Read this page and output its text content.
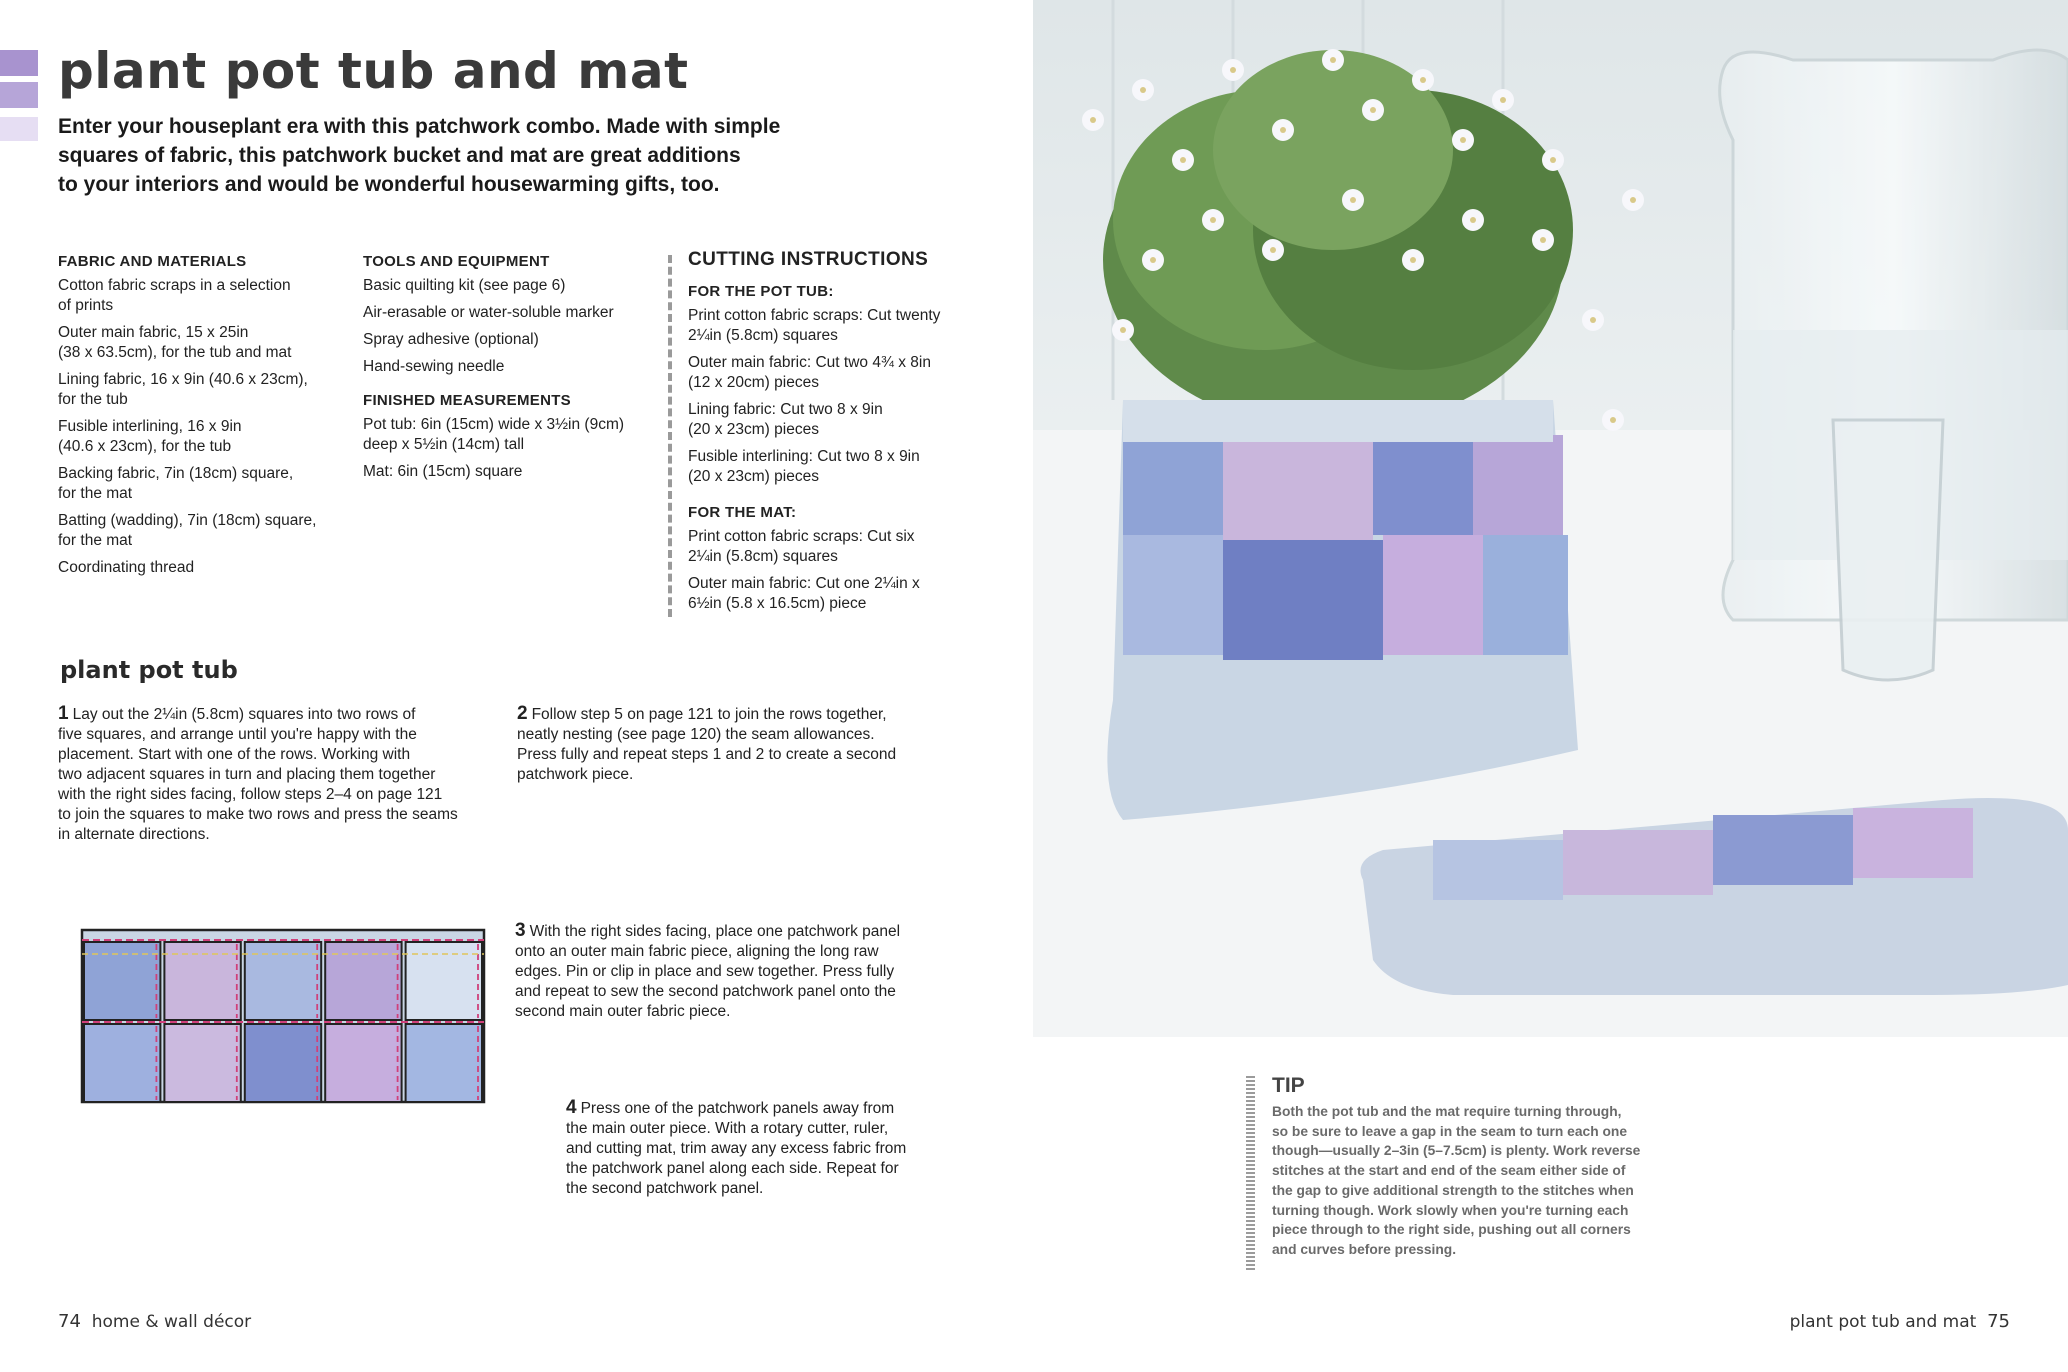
plant pot tub and mat
Enter your houseplant era with this patchwork combo. Made with simple
squares of fabric, this patchwork bucket and mat are great additions
to your interiors and would be wonderful housewarming gifts, too.
FABRIC AND MATERIALS
Cotton fabric scraps in a selection
of prints
Outer main fabric, 15 x 25in
(38 x 63.5cm), for the tub and mat
Lining fabric, 16 x 9in (40.6 x 23cm),
for the tub
Fusible interlining, 16 x 9in
(40.6 x 23cm), for the tub
Backing fabric, 7in (18cm) square,
for the mat
Batting (wadding), 7in (18cm) square,
for the mat
Coordinating thread
TOOLS AND EQUIPMENT
Basic quilting kit (see page 6)
Air-erasable or water-soluble marker
Spray adhesive (optional)
Hand-sewing needle
FINISHED MEASUREMENTS
Pot tub: 6in (15cm) wide x 3½in (9cm)
deep x 5½in (14cm) tall
Mat: 6in (15cm) square
CUTTING INSTRUCTIONS
FOR THE POT TUB:
Print cotton fabric scraps: Cut twenty
2¼in (5.8cm) squares
Outer main fabric: Cut two 4¾ x 8in
(12 x 20cm) pieces
Lining fabric: Cut two 8 x 9in
(20 x 23cm) pieces
Fusible interlining: Cut two 8 x 9in
(20 x 23cm) pieces
FOR THE MAT:
Print cotton fabric scraps: Cut six
2¼in (5.8cm) squares
Outer main fabric: Cut one 2¼in x
6½in (5.8 x 16.5cm) piece
plant pot tub
1 Lay out the 2¼in (5.8cm) squares into two rows of
five squares, and arrange until you're happy with the
placement. Start with one of the rows. Working with
two adjacent squares in turn and placing them together
with the right sides facing, follow steps 2–4 on page 121
to join the squares to make two rows and press the seams
in alternate directions.
2 Follow step 5 on page 121 to join the rows together,
neatly nesting (see page 120) the seam allowances.
Press fully and repeat steps 1 and 2 to create a second
patchwork piece.
3 With the right sides facing, place one patchwork panel
onto an outer main fabric piece, aligning the long raw
edges. Pin or clip in place and sew together. Press fully
and repeat to sew the second patchwork panel onto the
second main outer fabric piece.
4 Press one of the patchwork panels away from
the main outer piece. With a rotary cutter, ruler,
and cutting mat, trim away any excess fabric from
the patchwork panel along each side. Repeat for
the second patchwork panel.
TIP
Both the pot tub and the mat require turning through,
so be sure to leave a gap in the seam to turn each one
though—usually 2–3in (5–7.5cm) is plenty. Work reverse
stitches at the start and end of the seam either side of
the gap to give additional strength to the stitches when
turning though. Work slowly when you're turning each
piece through to the right side, pushing out all corners
and curves before pressing.
74 home & wall décor	plant pot tub and mat 75
